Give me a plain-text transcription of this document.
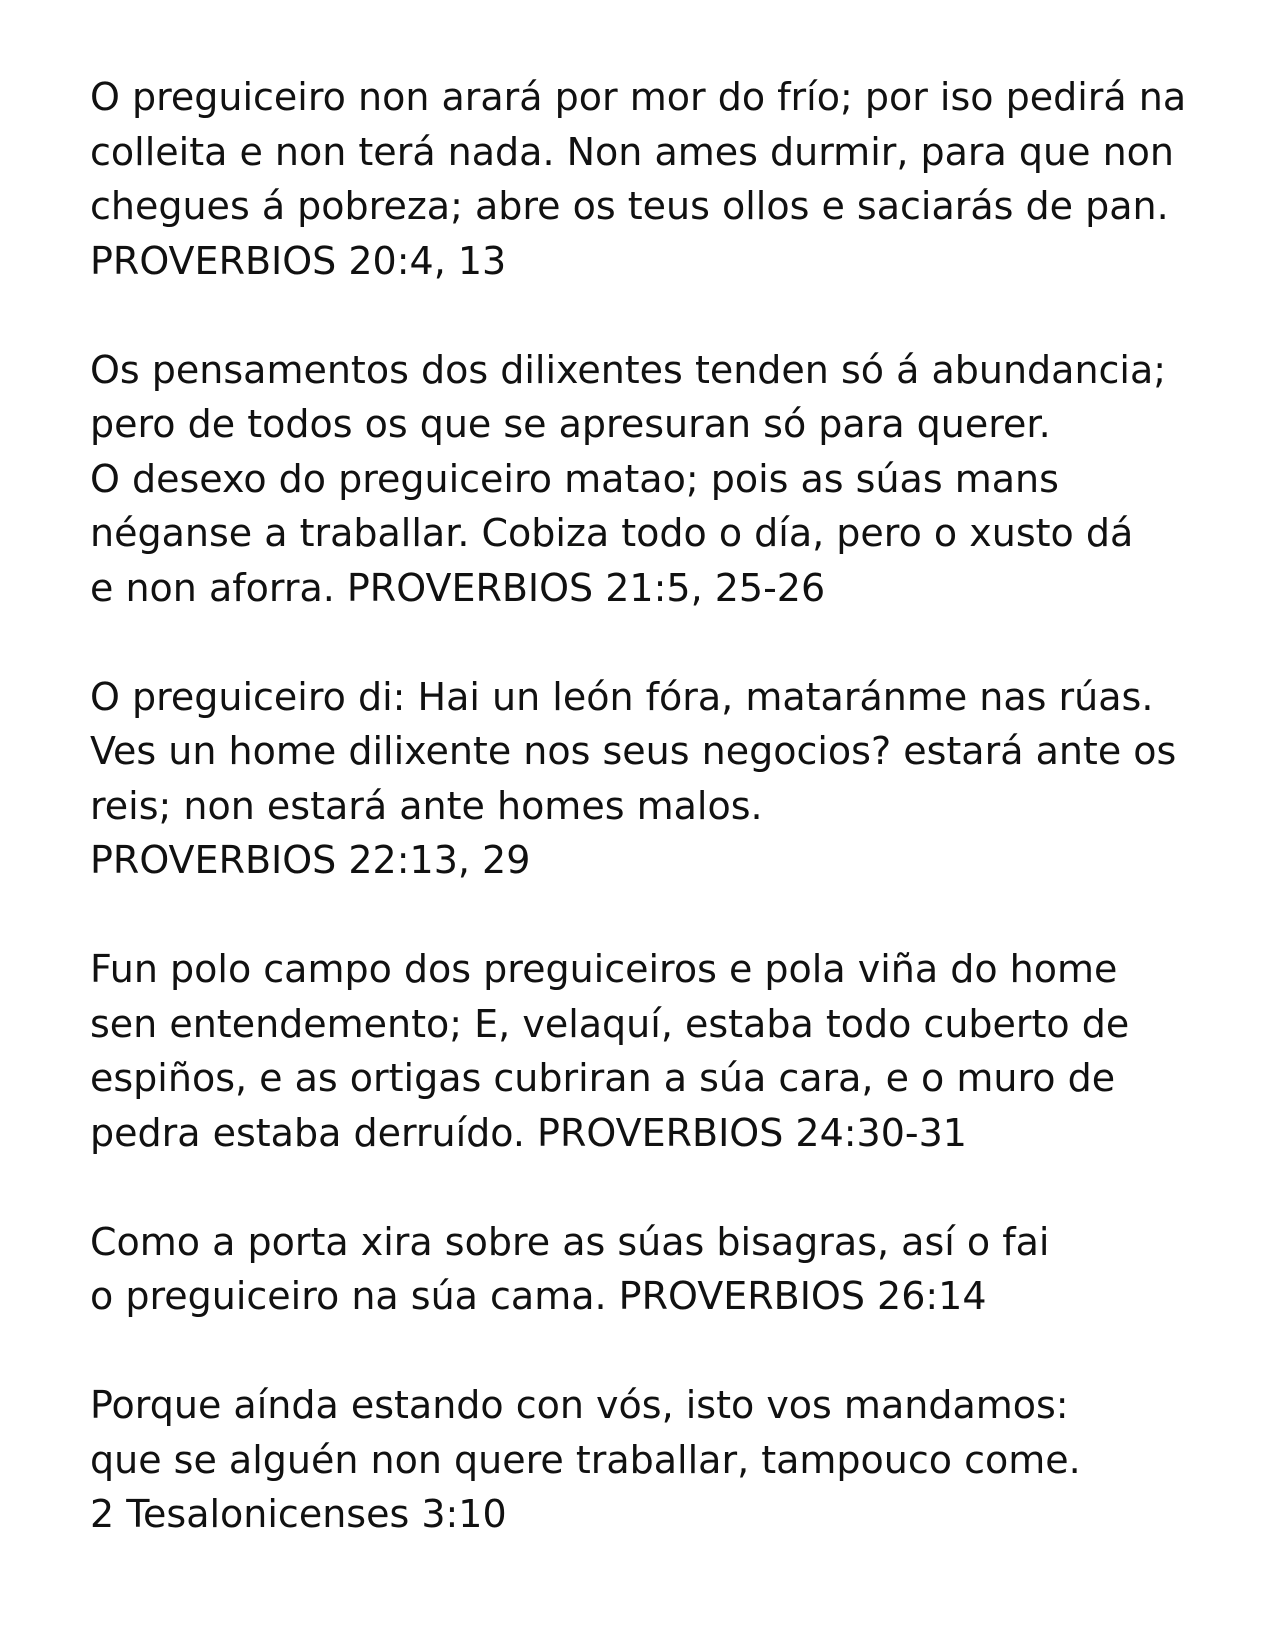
O preguiceiro non arará por mor do frío; por iso pedirá na
colleita e non terá nada. Non ames durmir, para que non
chegues á pobreza; abre os teus ollos e saciarás de pan.
PROVERBIOS 20:4, 13

Os pensamentos dos dilixentes tenden só á abundancia;
pero de todos os que se apresuran só para querer.
O desexo do preguiceiro matao; pois as súas mans
néganse a traballar. Cobiza todo o día, pero o xusto dá
e non aforra. PROVERBIOS 21:5, 25-26

O preguiceiro di: Hai un león fóra, mataránme nas rúas.
Ves un home dilixente nos seus negocios? estará ante os
reis; non estará ante homes malos.
PROVERBIOS 22:13, 29

Fun polo campo dos preguiceiros e pola viña do home
sen entendemento; E, velaquí, estaba todo cuberto de
espiños, e as ortigas cubriran a súa cara, e o muro de
pedra estaba derruído. PROVERBIOS 24:30-31

Como a porta xira sobre as súas bisagras, así o fai
o preguiceiro na súa cama. PROVERBIOS 26:14

Porque aínda estando con vós, isto vos mandamos:
que se alguén non quere traballar, tampouco come.
2 Tesalonicenses 3:10
